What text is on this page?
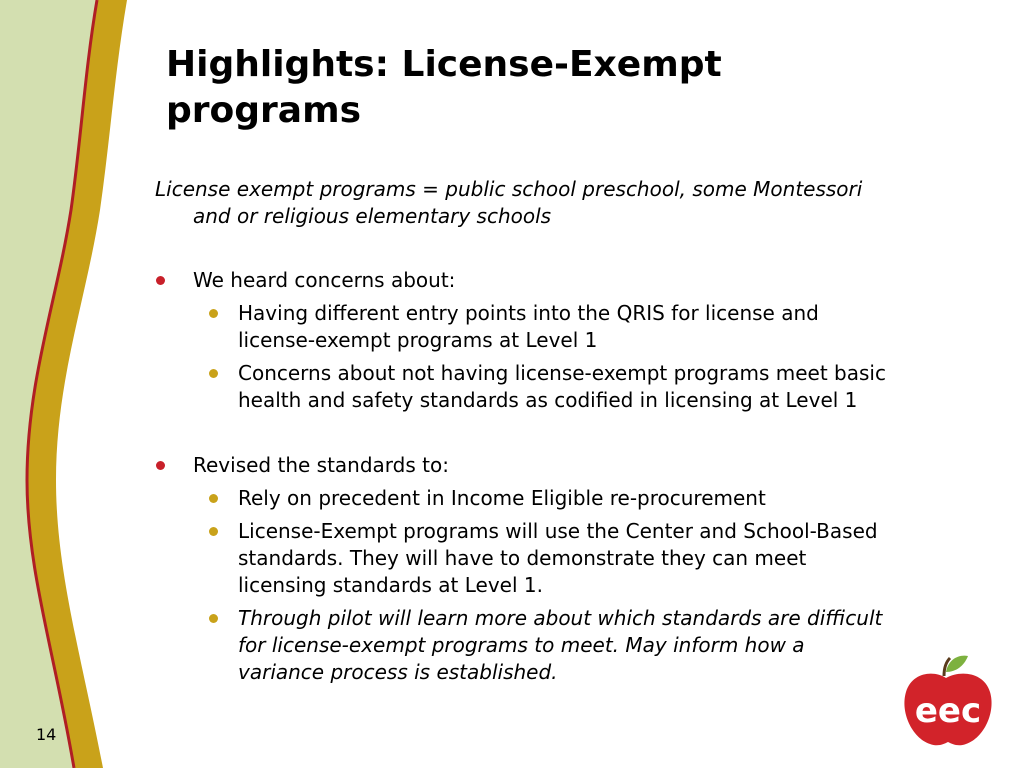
Highlights: License-Exempt programs

License exempt programs = public school preschool, some Montessori and or religious elementary schools

We heard concerns about:
Having different entry points into the QRIS for license and license-exempt programs at Level 1
Concerns about not having license-exempt programs meet basic health and safety standards as codified in licensing at Level 1
Revised the standards to:
Rely on precedent in Income Eligible re-procurement
License-Exempt programs will use the Center and School-Based standards. They will have to demonstrate they can meet licensing standards at Level 1.
Through pilot will learn more about which standards are difficult for license-exempt programs to meet. May inform how a variance process is established.
14
eec
